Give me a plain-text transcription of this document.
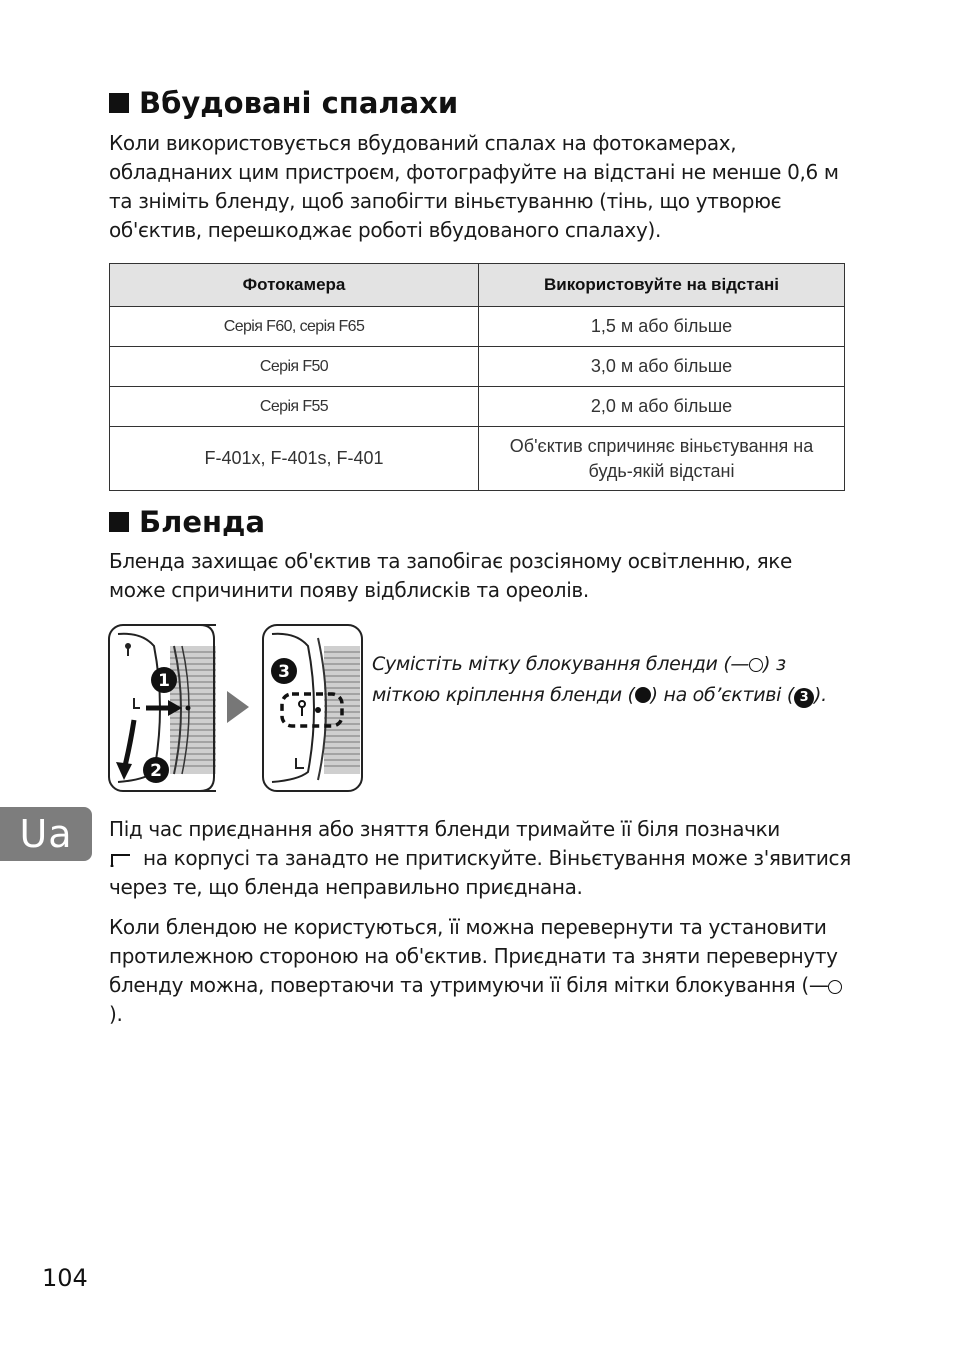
Вбудовані спалахи

Коли використовується вбудований спалах на фотокамерах, обладнаних цим пристроєм, фотографуйте на відстані не менше 0,6 м та зніміть бленду, щоб запобігти віньєтуванню (тінь, що утворює об'єктив, перешкоджає роботі вбудованого спалаху).

Фотокамера	Використовуйте на відстані
Серія F60, серія F65	1,5 м або більше
Серія F50	3,0 м або більше
Серія F55	2,0 м або більше
F-401x, F-401s, F-401	Об'єктив спричиняє віньєтування на будь-якій відстані
Бленда

Бленда захищає об'єктив та запобігає розсіяному освітленню, яке може спричинити появу відблисків та ореолів.

1
2
3	Сумістіть мітку блокування бленди (— ) з міткою кріплення бленди ( ) на об’єктиві ( 3 ).

Ua	Під час приєднання або зняття бленди тримайте її біля позначки
на корпусі та занадто не притискуйте. Віньєтування може з'явитися через те, що бленда неправильно приєднана.

Коли блендою не користуються, її можна перевернути та установити протилежною стороною на об'єктив. Приєднати та зняти перевернуту бленду можна, повертаючи та утримуючи її біля мітки блокування (—).

104
